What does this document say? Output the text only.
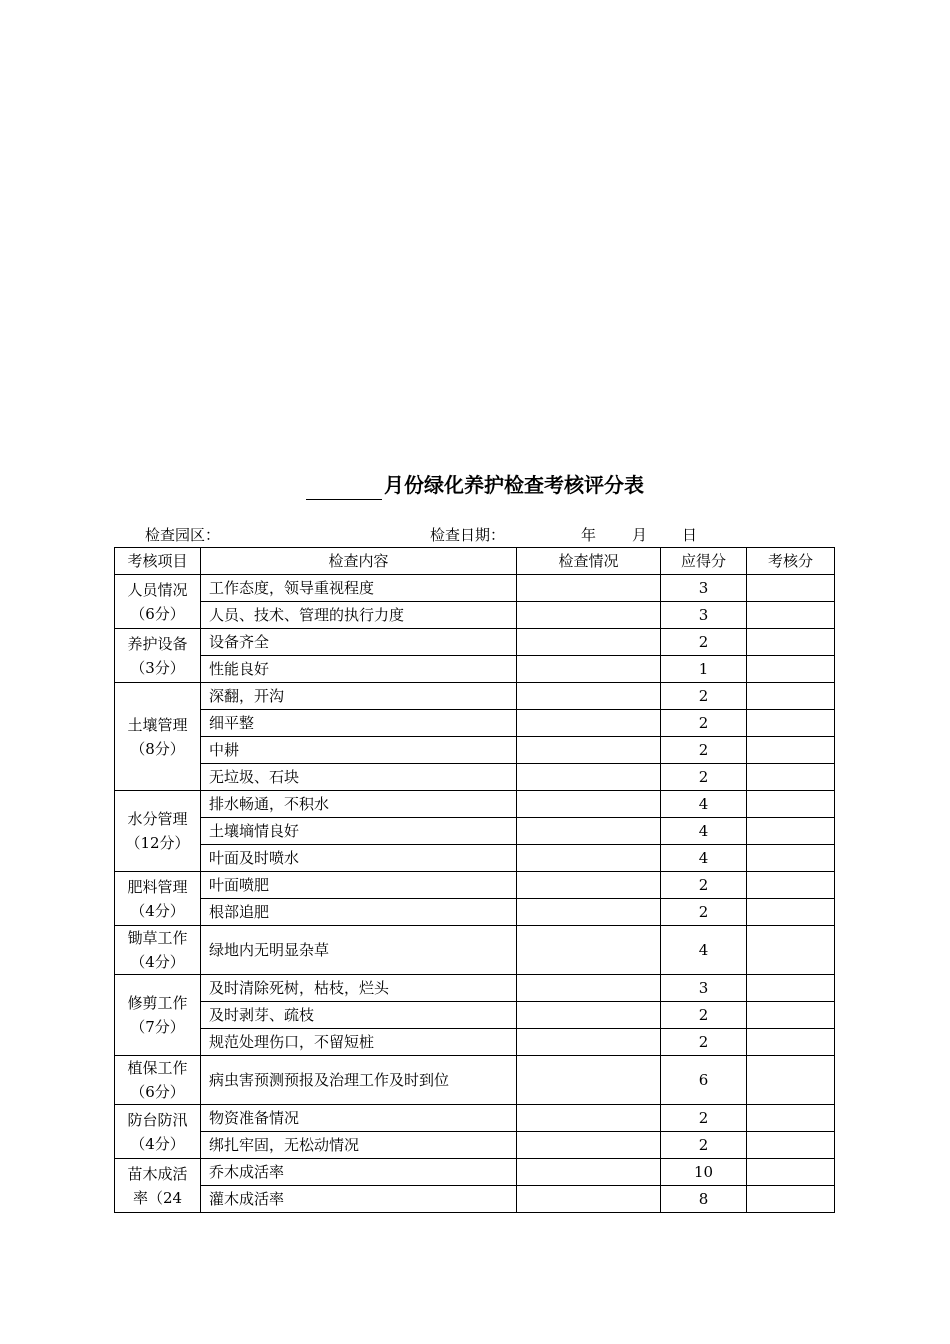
月份绿化养护检查考核评分表
检查园区：	检查日期：	年 月 日
考核项目	检查内容	检查情况	应得分	考核分

人员情况
（6分）	工作态度，领导重视程度		3	
	人员、技术、管理的执行力度		3	

养护设备
（3分）	设备齐全		2	
	性能良好		1	

土壤管理
（8分）	深翻，开沟		2	
	细平整		2	
	中耕		2	
	无垃圾、石块		2	

水分管理
（12分）	排水畅通，不积水		4	
	土壤墒情良好		4	
	叶面及时喷水		4	

肥料管理
（4分）	叶面喷肥		2	
	根部追肥		2	

锄草工作
（4分）	绿地内无明显杂草		4	

修剪工作
（7分）	及时清除死树，枯枝，烂头		3	
	及时剥芽、疏枝		2	
	规范处理伤口，不留短桩		2	

植保工作
（6分）	病虫害预测预报及治理工作及时到位		6	

防台防汛
（4分）	物资准备情况		2	
	绑扎牢固，无松动情况		2	

苗木成活
率（24	乔木成活率		10	
	灌木成活率		8	
